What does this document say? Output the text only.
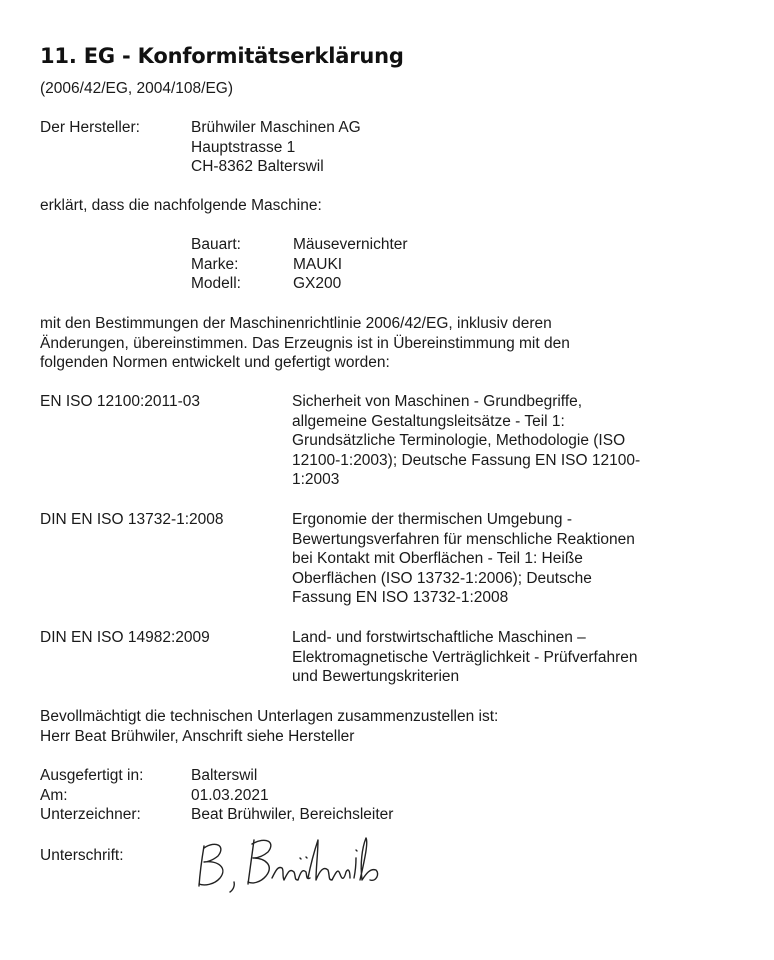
11. EG - Konformitätserklärung
(2006/42/EG, 2004/108/EG)
Der Hersteller:	Brühwiler Maschinen AG
Hauptstrasse 1
CH-8362 Balterswil
erklärt, dass die nachfolgende Maschine:
Bauart:	Mäusevernichter
Marke:	MAUKI
Modell:	GX200
mit den Bestimmungen der Maschinenrichtlinie 2006/42/EG, inklusiv deren
Änderungen, übereinstimmen. Das Erzeugnis ist in Übereinstimmung mit den
folgenden Normen entwickelt und gefertigt worden:
EN ISO 12100:2011-03	Sicherheit von Maschinen - Grundbegriffe,
allgemeine Gestaltungsleitsätze - Teil 1:
Grundsätzliche Terminologie, Methodologie (ISO
12100-1:2003); Deutsche Fassung EN ISO 12100-
1:2003
DIN EN ISO 13732-1:2008	Ergonomie der thermischen Umgebung -
Bewertungsverfahren für menschliche Reaktionen
bei Kontakt mit Oberflächen - Teil 1: Heiße
Oberflächen (ISO 13732-1:2006); Deutsche
Fassung EN ISO 13732-1:2008
DIN EN ISO 14982:2009	Land- und forstwirtschaftliche Maschinen –
Elektromagnetische Verträglichkeit - Prüfverfahren
und Bewertungskriterien
Bevollmächtigt die technischen Unterlagen zusammenzustellen ist:
Herr Beat Brühwiler, Anschrift siehe Hersteller
Ausgefertigt in:	Balterswil
Am:	01.03.2021
Unterzeichner:	Beat Brühwiler, Bereichsleiter
Unterschrift:
